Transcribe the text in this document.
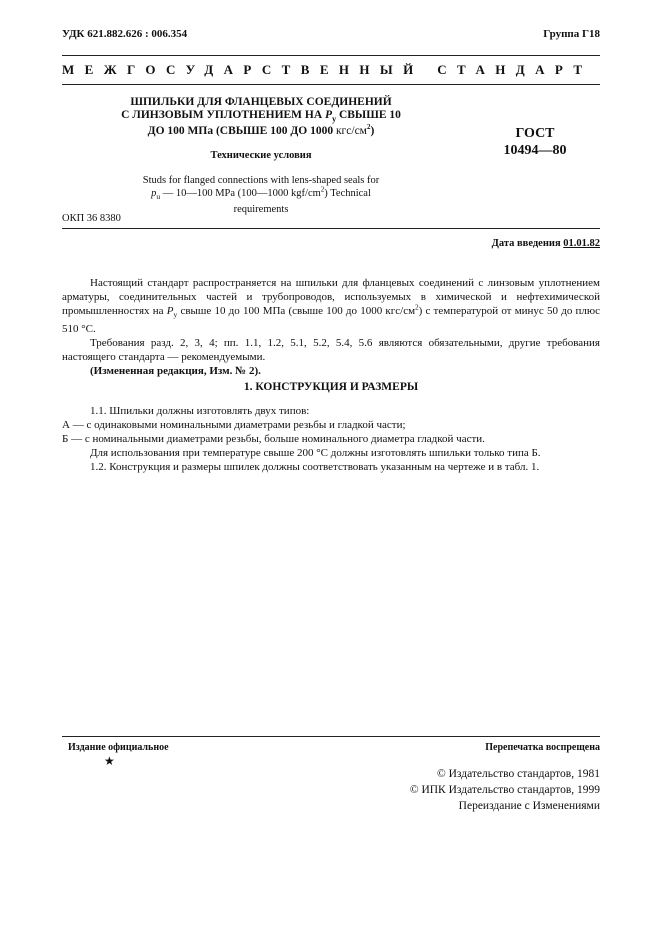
УДК 621.882.626 : 006.354	Группа Г18
МЕЖГОСУДАРСТВЕННЫЙ СТАНДАРТ
ШПИЛЬКИ ДЛЯ ФЛАНЦЕВЫХ СОЕДИНЕНИЙ
С ЛИНЗОВЫМ УПЛОТНЕНИЕМ НА $Р_у$ СВЫШЕ 10
ДО 100 МПа (СВЫШЕ 100 ДО 1000 кгс/$см^2$)	ГОСТ
10494—80
Технические условия
Studs for flanged connections with lens-shaped seals for
$p_u$ — 10—100 MPa (100—1000 kgf/$cm^2$) Technical
requirements
ОКП 36 8380
Дата введения 01.01.82

Настоящий стандарт распространяется на шпильки для фланцевых соединений с линзовым уплотнением арматуры, соединительных частей и трубопроводов, используемых в химической и нефтехимической промышленностях на $Р_у$ свыше 10 до 100 МПа (свыше 100 до 1000 кгс/$см^2$) с температурой от минус 50 до плюс 510 °С.

Требования разд. 2, 3, 4; пп. 1.1, 1.2, 5.1, 5.2, 5.4, 5.6 являются обязательными, другие требования настоящего стандарта — рекомендуемыми.

(Измененная редакция, Изм. № 2).

1. КОНСТРУКЦИЯ И РАЗМЕРЫ

1.1. Шпильки должны изготовлять двух типов:

А — с одинаковыми номинальными диаметрами резьбы и гладкой части;

Б — с номинальными диаметрами резьбы, больше номинального диаметра гладкой части.

Для использования при температуре свыше 200 °С должны изготовлять шпильки только типа Б.

1.2. Конструкция и размеры шпилек должны соответствовать указанным на чертеже и в табл. 1.

Издание официальное
★
Перепечатка воспрещена
© Издательство стандартов, 1981
© ИПК Издательство стандартов, 1999
Переиздание с Изменениями
